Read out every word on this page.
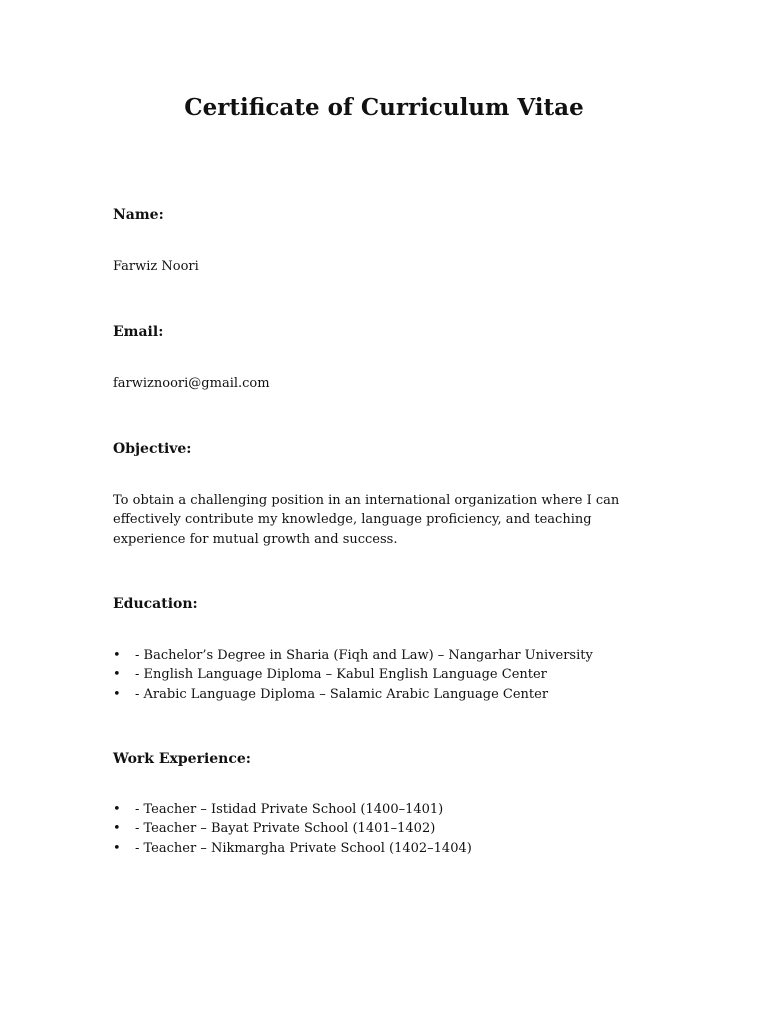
Certificate of Curriculum Vitae

Name:

Farwiz Noori

Email:

farwiznoori@gmail.com

Objective:

To obtain a challenging position in an international organization where I can effectively contribute my knowledge, language proficiency, and teaching experience for mutual growth and success.

Education:

• - Bachelor’s Degree in Sharia (Fiqh and Law) – Nangarhar University
• - English Language Diploma – Kabul English Language Center
• - Arabic Language Diploma – Salamic Arabic Language Center

Work Experience:

• - Teacher – Istidad Private School (1400–1401)
• - Teacher – Bayat Private School (1401–1402)
• - Teacher – Nikmargha Private School (1402–1404)
